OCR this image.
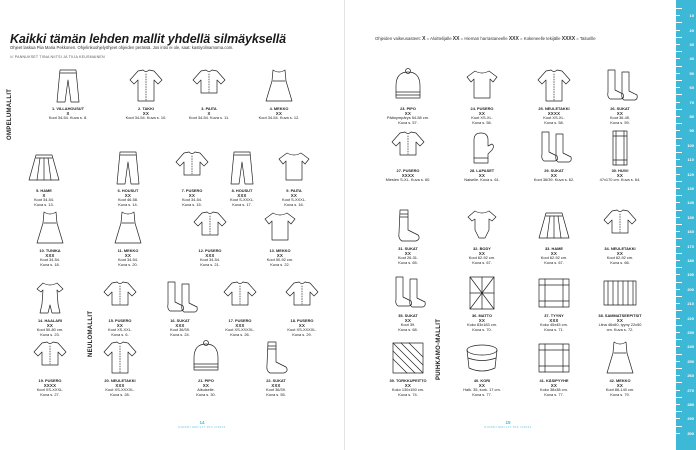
Kaikki tämän lehden mallit yhdellä silmäyksellä
Ohjeet laskua Piia Maria Pekkonen. Ohjelinkuohjelyöhjeet ohjeiden perässä. Jos intio ei ole, saat: kastiyolinamorna.com.
/// PANNUKSET TIINA NIITSI JA TIIJA KEUSMAINEN
Ohjeiden vaikeusasteet: X = Aloittelijalle XX = Hieman harrastaneelle XXX = Kokeneelle tekijälle XXXX = Taiturille
OMPELUMALLIT
NEULOMALLIT	PUIHKAMO-MALLIT
1. VILLAHOUSUT
X
Koot 34-54. Kuva s. 8.
2. TAKKI
XX
Koot 34-54. Kuva s. 10.
3. PAITA
X
Koot 34-54. Kuva s. 11.
4. MEKKO
XX
Koot 34-54. Kuva s. 12.
5. HAME
X
Koot 34-54.
Kuva s. 13.
6. HOUSUT
XX
Koot 46-58.
Kuva s. 14.
7. PUSERO
XX
Koot 34-54.
Kuva s. 15.
8. HOUSUT
XXX
Koot S-XXXL.
Kuva s. 17.
9. PAITA
XX
Koot S-XXXL.
Kuva s. 16.
10. TUNIKA
XXX
Koot 34-54.
Kuva s. 18.
11. MEKKO
XX
Koot 34-54.
Kuva s. 20.
12. PUSERO
XXX
Koot 34-54.
Kuva s. 21.
13. MEKKO
XX
Koot 50-92 cm.
Kuva s. 22.
14. HAALARI
XX
Koot 50-80 cm.
Kuva s. 23.
15. PUSERO
XX
Koot XS-XXL.
Kuva s. 6.
16. SUKAT
XXX
Koot 36/39.
Kuva s. 24.
17. PUSERO
XXX
Koot XS-XXXXL.
Kuva s. 26.
18. PUSERO
XX
Koot XS-XXXXL.
Kuva s. 29.
19. PUSERO
XXXX
Koot XS-XXXL.
Kuva s. 27.
20. NEULETAKKI
XXX
Koot XS-XXXXL.
Kuva s. 28.
21. PIPO
XX
Aikuiselle.
Kuva s. 30.
22. SUKAT
XXX
Koot 36/39.
Kuva s. 55.
23. PIPO
XX
Päänympärys 54-58 cm.
Kuva s. 57.
24. PUSERO
XX
Koot XS-XL.
Kuva s. 56.
25. NEULETAKKI
XXXX
Koot XS-XL.
Kuva s. 58.
26. SUKAT
XX
Koot 36-45.
Kuva s. 59.
27. PUSERO
XXXX
Mieslen S-XL. Kuva s. 60.
28. LAPASET
XX
Naiselle. Kuva s. 61.
29. SUKAT
XX
Koot 36/39. Kuva s. 62.
30. HUIVI
XX
47x170 cm. Kuva s. 64.
31. SUKAT
XX
Koot 26-31.
Kuva s. 65.
32. BODY
XX
Koot 62-92 cm.
Kuva s. 67.
33. HAME
XX
Koot 62-92 cm.
Kuva s. 67.
34. NEULETAKKI
XX
Koot 62-92 cm.
Kuva s. 66.
35. SUKAT
XX
Koot 39.
Kuva s. 68.
36. MATTO
XX
Koko 83x183 cm.
Kuva s. 70.
37. TYYNY
XXX
Koko 45x45 cm.
Kuva s. 71.
38. SAMMATSEEPITSIT
XX
Liina 46x60, tyyny 22x50
cm. Kuva s. 72.
39. TORKKUPEITTO
XX
Koko 130x150 cm.
Kuva s. 74.
40. KORI
XX
Halk. 35, kork. 17 cm.
Kuva s. 77.
41. KÄSIPYYHE
XX
Koko 38x38 cm.
Kuva s. 77.
42. MEKKO
XX
Koot 86-140 cm.
Kuva s. 79.
14
KAIKKI MALLIT PIA 1/2021
15
KAIKKI MALLIT PIA 1/2021
10
20
30
40
50
60
70
80
90
100
110
120
130
140
150
160
170
180
190
200
210
220
230
240
250
260
270
280
290
300
